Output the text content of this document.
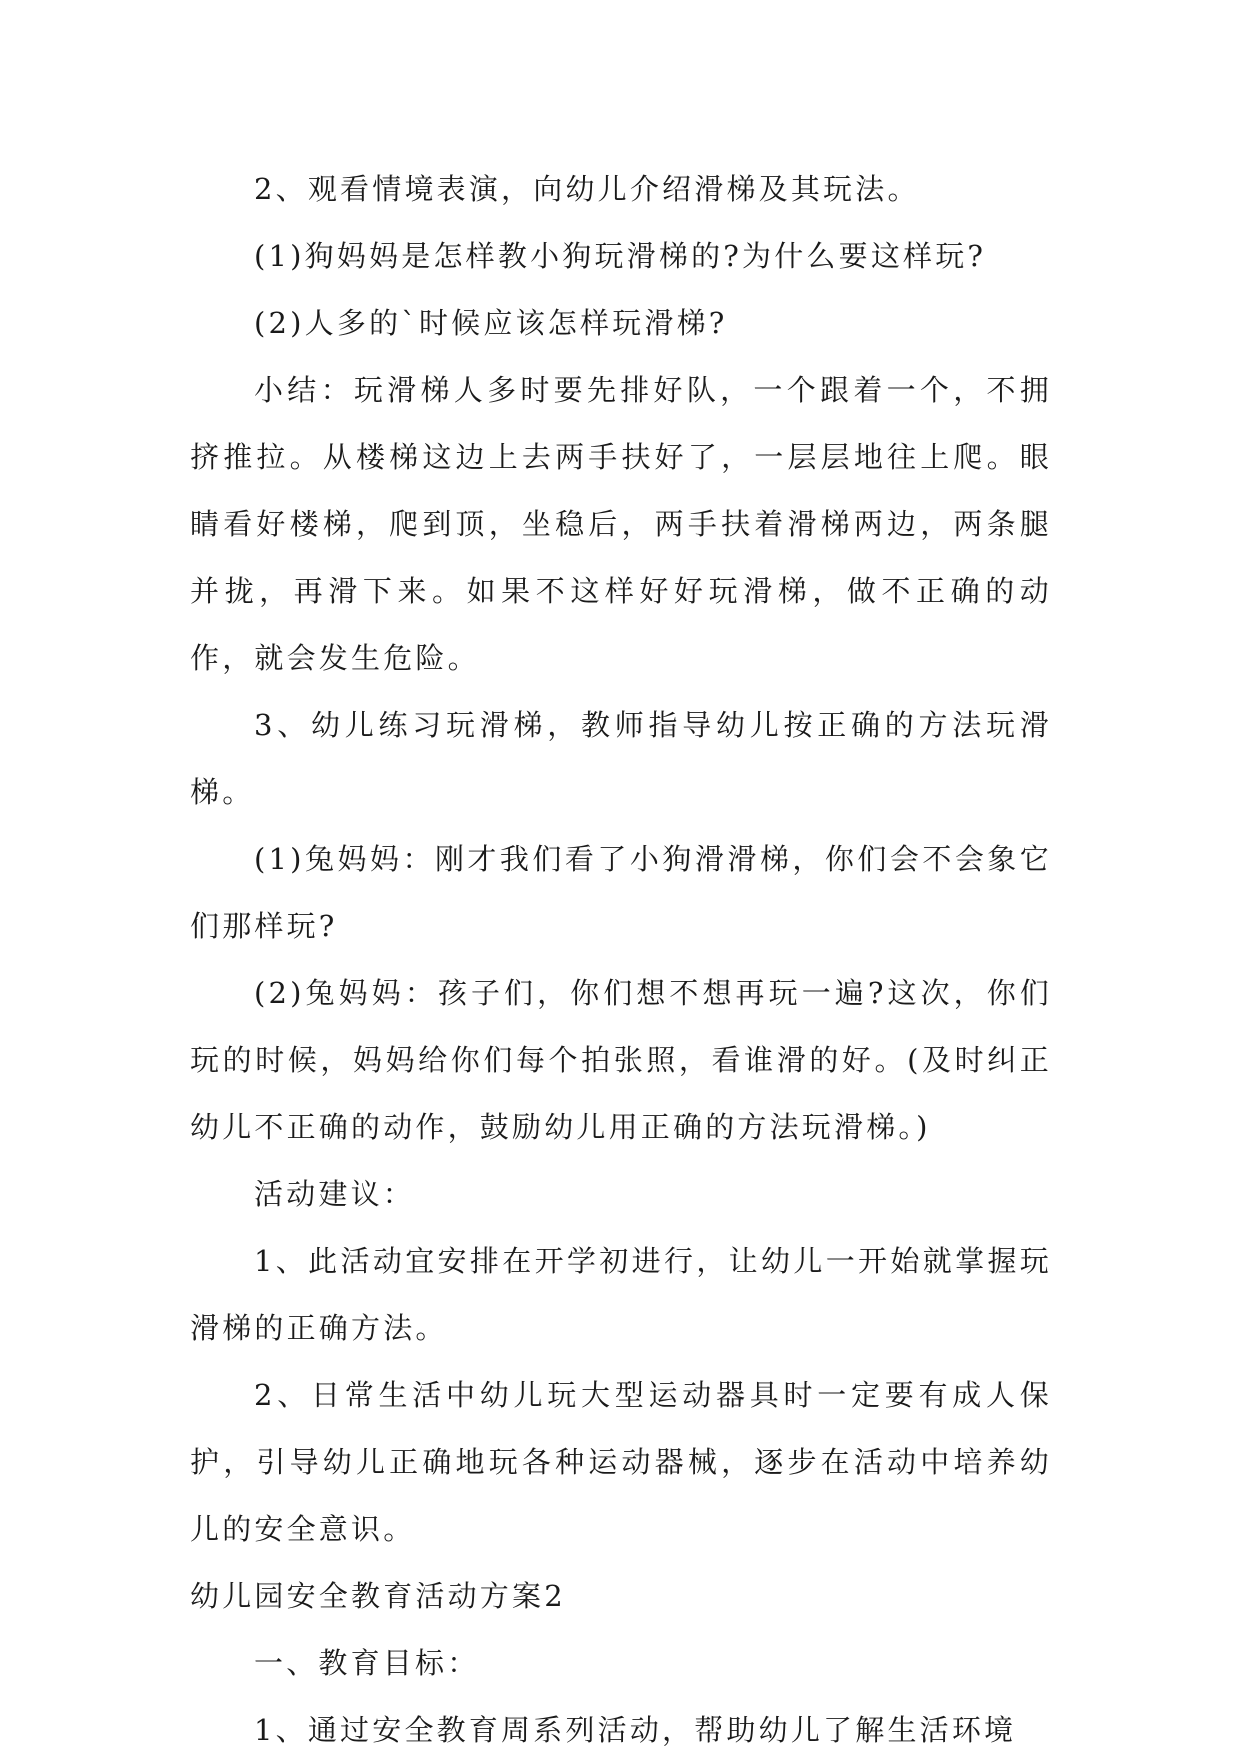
2、观看情境表演，向幼儿介绍滑梯及其玩法。

(1)狗妈妈是怎样教小狗玩滑梯的?为什么要这样玩?

(2)人多的`时候应该怎样玩滑梯?

小结：玩滑梯人多时要先排好队，一个跟着一个，不拥挤推拉。从楼梯这边上去两手扶好了，一层层地往上爬。眼睛看好楼梯，爬到顶，坐稳后，两手扶着滑梯两边，两条腿并拢，再滑下来。如果不这样好好玩滑梯，做不正确的动作，就会发生危险。

3、幼儿练习玩滑梯，教师指导幼儿按正确的方法玩滑梯。

(1)兔妈妈：刚才我们看了小狗滑滑梯，你们会不会象它们那样玩?

(2)兔妈妈：孩子们，你们想不想再玩一遍?这次，你们玩的时候，妈妈给你们每个拍张照，看谁滑的好。(及时纠正幼儿不正确的动作，鼓励幼儿用正确的方法玩滑梯。)

活动建议：

1、此活动宜安排在开学初进行，让幼儿一开始就掌握玩滑梯的正确方法。

2、日常生活中幼儿玩大型运动器具时一定要有成人保护，引导幼儿正确地玩各种运动器械，逐步在活动中培养幼儿的安全意识。

幼儿园安全教育活动方案2

一、教育目标：

1、通过安全教育周系列活动，帮助幼儿了解生活环境
